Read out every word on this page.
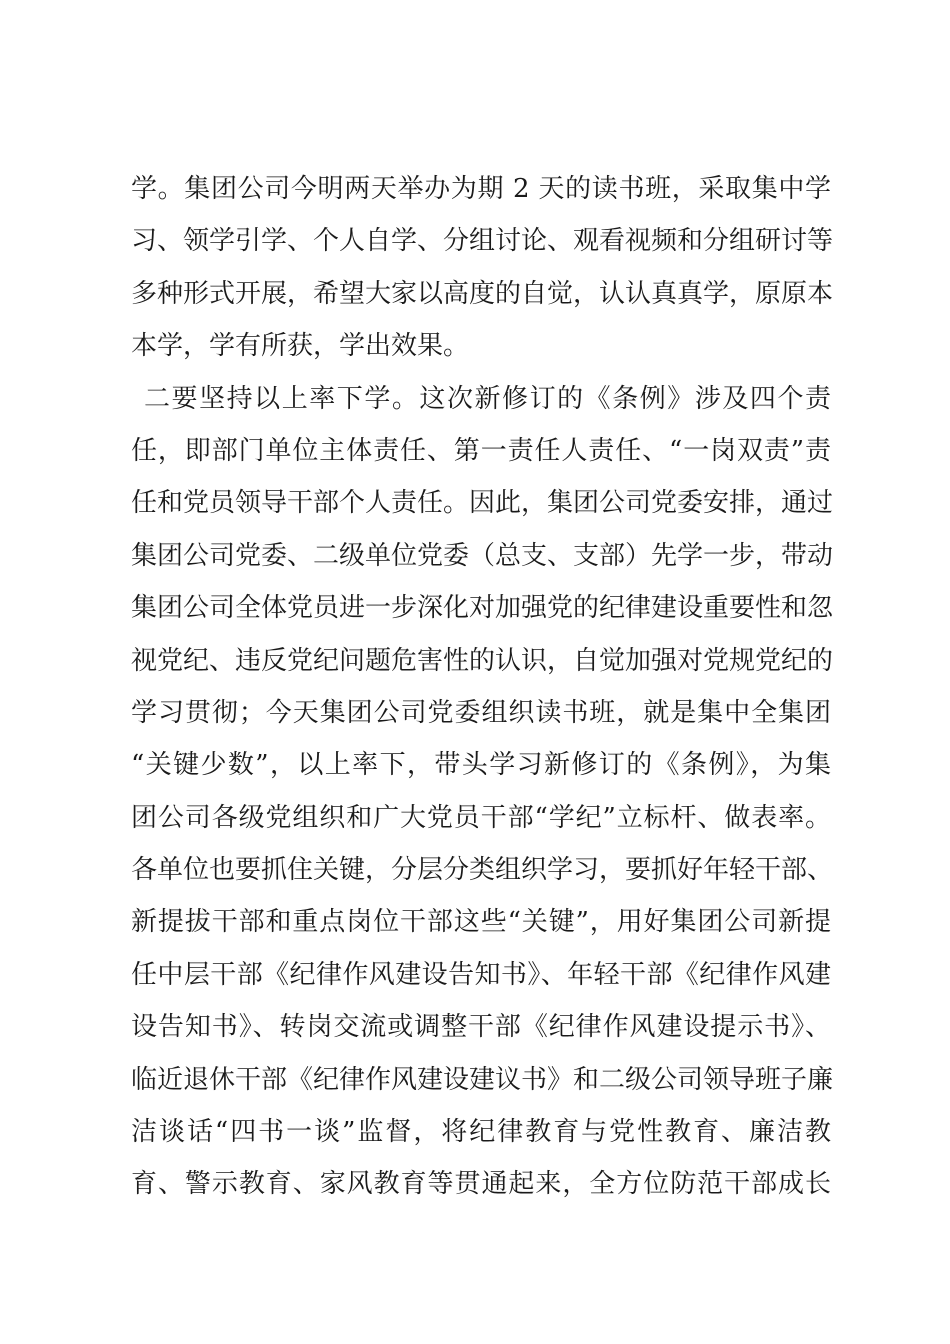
学。集团公司今明两天举办为期 2 天的读书班，采取集中学
习、领学引学、个人自学、分组讨论、观看视频和分组研讨等
多种形式开展，希望大家以高度的自觉，认认真真学，原原本
本学，学有所获，学出效果。
二要坚持以上率下学。这次新修订的《条例》涉及四个责
任，即部门单位主体责任、第一责任人责任、“一岗双责”责
任和党员领导干部个人责任。因此，集团公司党委安排，通过
集团公司党委、二级单位党委（总支、支部）先学一步，带动
集团公司全体党员进一步深化对加强党的纪律建设重要性和忽
视党纪、违反党纪问题危害性的认识，自觉加强对党规党纪的
学习贯彻；今天集团公司党委组织读书班，就是集中全集团
“关键少数”，以上率下，带头学习新修订的《条例》，为集
团公司各级党组织和广大党员干部“学纪”立标杆、做表率。
各单位也要抓住关键，分层分类组织学习，要抓好年轻干部、
新提拔干部和重点岗位干部这些“关键”，用好集团公司新提
任中层干部《纪律作风建设告知书》、年轻干部《纪律作风建
设告知书》、转岗交流或调整干部《纪律作风建设提示书》、
临近退休干部《纪律作风建设建议书》和二级公司领导班子廉
洁谈话“四书一谈”监督，将纪律教育与党性教育、廉洁教
育、警示教育、家风教育等贯通起来，全方位防范干部成长
